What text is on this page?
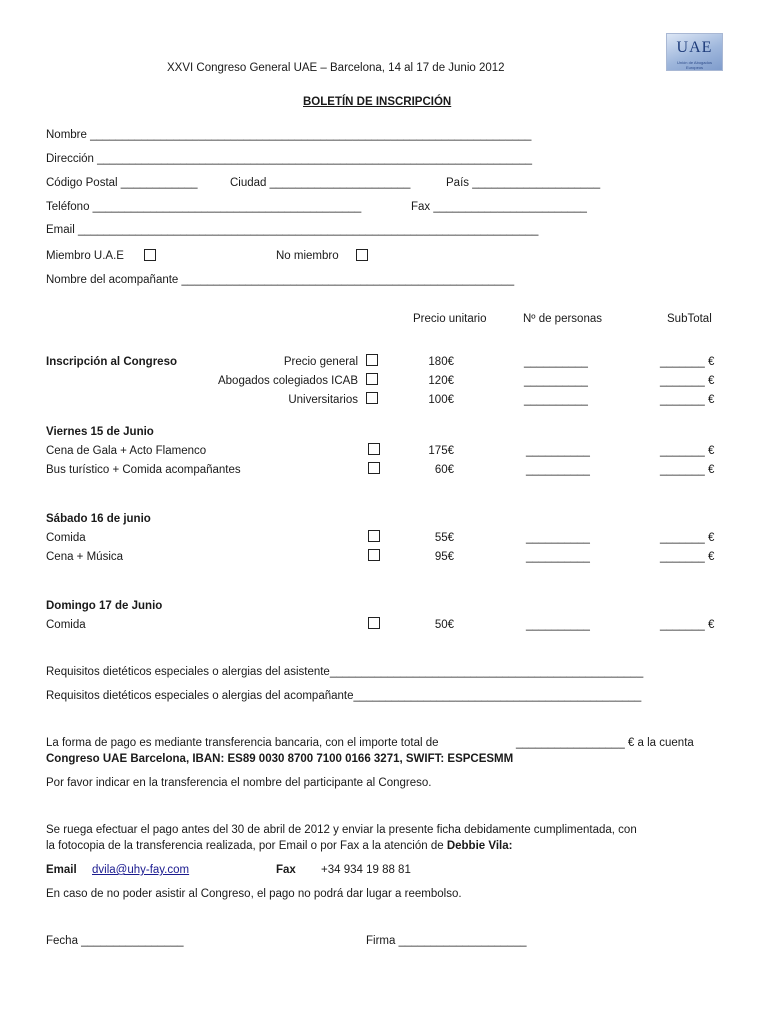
UAE
Unión de Abogados Europeos
XXVI Congreso General UAE – Barcelona, 14 al 17 de Junio 2012
BOLETÍN DE INSCRIPCIÓN
Nombre _____________________________________________________________________
Dirección ____________________________________________________________________
Código Postal ____________	Ciudad ______________________	País ____________________
Teléfono __________________________________________	Fax ________________________
Email ________________________________________________________________________
Miembro U.A.E	No miembro
Nombre del acompañante ____________________________________________________
Precio unitario	Nº de personas	SubTotal
Inscripción al Congreso	Precio general	180€	__________	_______ €
Abogados colegiados ICAB	120€	__________	_______ €
Universitarios	100€	__________	_______ €
Viernes 15 de Junio
Cena de Gala + Acto Flamenco	175€	__________	_______ €
Bus turístico + Comida acompañantes	60€	__________	_______ €
Sábado 16 de junio
Comida	55€	__________	_______ €
Cena + Música	95€	__________	_______ €
Domingo 17 de Junio
Comida	50€	__________	_______ €
Requisitos dietéticos especiales o alergias del asistente_________________________________________________
Requisitos dietéticos especiales o alergias del acompañante_____________________________________________
La forma de pago es mediante transferencia bancaria, con el importe total de	_________________ € a la cuenta
Congreso UAE Barcelona, IBAN: ES89 0030 8700 7100 0166 3271, SWIFT: ESPCESMM
Por favor indicar en la transferencia el nombre del participante al Congreso.
Se ruega efectuar el pago antes del 30 de abril de 2012 y enviar la presente ficha debidamente cumplimentada, con
la fotocopia de la transferencia realizada, por Email o por Fax a la atención de Debbie Vila:
Email dvila@uhy-fay.com	Fax +34 934 19 88 81
En caso de no poder asistir al Congreso, el pago no podrá dar lugar a reembolso.
Fecha ________________	Firma ____________________
